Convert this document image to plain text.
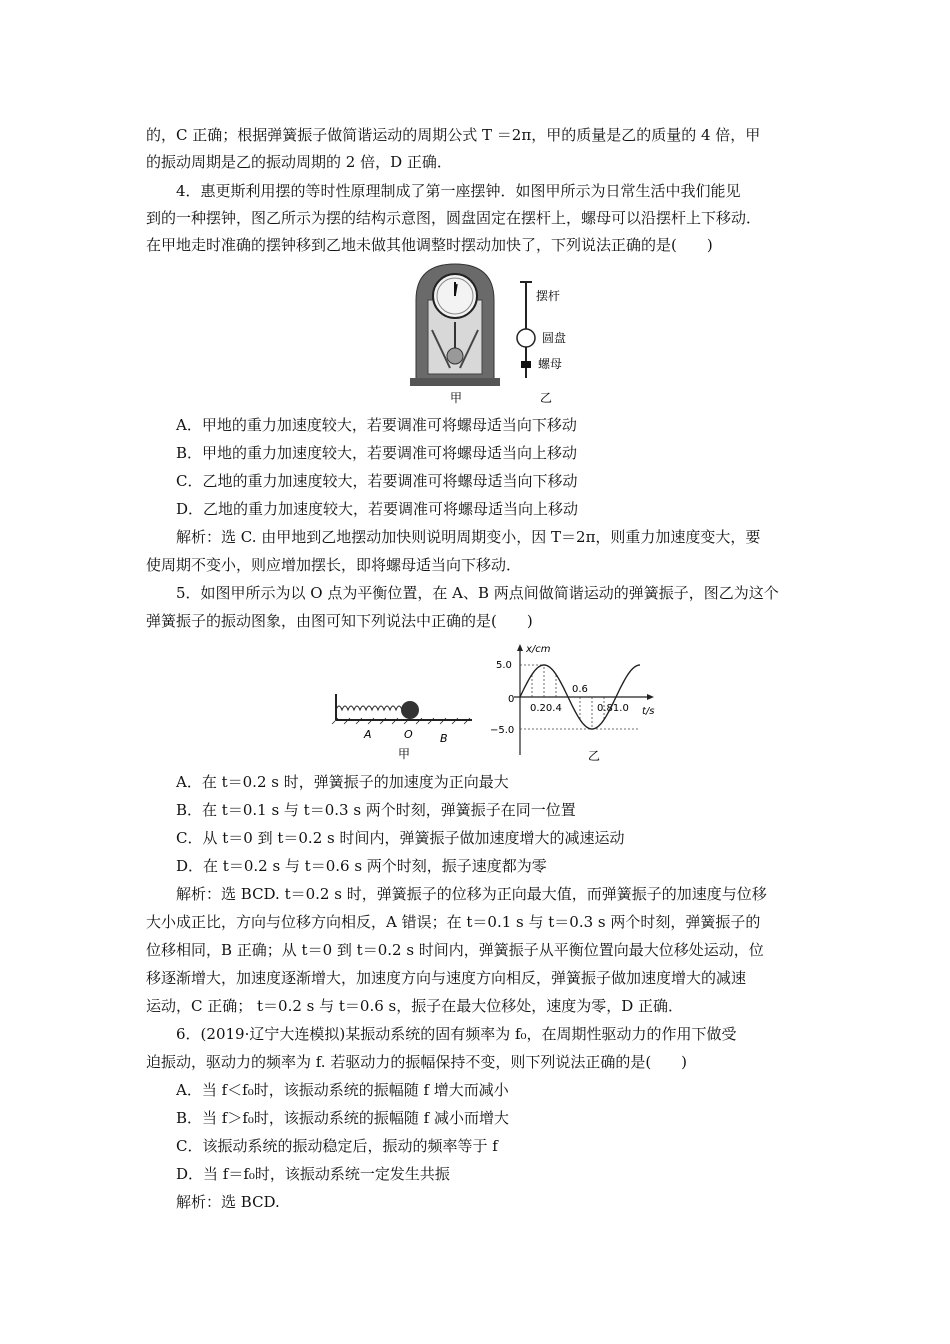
的，C 正确；根据弹簧振子做简谐运动的周期公式 T ＝2π，甲的质量是乙的质量的 4 倍，甲
的振动周期是乙的振动周期的 2 倍，D 正确．
4．惠更斯利用摆的等时性原理制成了第一座摆钟．如图甲所示为日常生活中我们能见
到的一种摆钟，图乙所示为摆的结构示意图，圆盘固定在摆杆上，螺母可以沿摆杆上下移动．
在甲地走时准确的摆钟移到乙地未做其他调整时摆动加快了，下列说法正确的是(　　)
甲
摆杆
圆盘
螺母
乙
A．甲地的重力加速度较大，若要调准可将螺母适当向下移动
B．甲地的重力加速度较大，若要调准可将螺母适当向上移动
C．乙地的重力加速度较大，若要调准可将螺母适当向下移动
D．乙地的重力加速度较大，若要调准可将螺母适当向上移动
解析：选 C. 由甲地到乙地摆动加快则说明周期变小，因 T＝2π，则重力加速度变大，要
使周期不变小，则应增加摆长，即将螺母适当向下移动．
5．如图甲所示为以 O 点为平衡位置，在 A、B 两点间做简谐运动的弹簧振子，图乙为这个
弹簧振子的振动图象，由图可知下列说法中正确的是(　　)
A	O B
甲
x/cm
t/s
5.0
0
−5.0
0.6
0.20.4	0.81.0
乙
A．在 t＝0.2 s 时，弹簧振子的加速度为正向最大
B．在 t＝0.1 s 与 t＝0.3 s 两个时刻，弹簧振子在同一位置
C．从 t＝0 到 t＝0.2 s 时间内，弹簧振子做加速度增大的减速运动
D．在 t＝0.2 s 与 t＝0.6 s 两个时刻，振子速度都为零
解析：选 BCD. t＝0.2 s 时，弹簧振子的位移为正向最大值，而弹簧振子的加速度与位移
大小成正比，方向与位移方向相反，A 错误；在 t＝0.1 s 与 t＝0.3 s 两个时刻，弹簧振子的
位移相同，B 正确；从 t＝0 到 t＝0.2 s 时间内，弹簧振子从平衡位置向最大位移处运动，位
移逐渐增大，加速度逐渐增大，加速度方向与速度方向相反，弹簧振子做加速度增大的减速
运动，C 正确； t＝0.2 s 与 t＝0.6 s，振子在最大位移处，速度为零，D 正确．
6．(2019·辽宁大连模拟)某振动系统的固有频率为 f₀，在周期性驱动力的作用下做受
迫振动，驱动力的频率为 f. 若驱动力的振幅保持不变，则下列说法正确的是(　　)
A．当 f＜f₀时，该振动系统的振幅随 f 增大而减小
B．当 f＞f₀时，该振动系统的振幅随 f 减小而增大
C．该振动系统的振动稳定后，振动的频率等于 f
D．当 f＝f₀时，该振动系统一定发生共振
解析：选 BCD.
